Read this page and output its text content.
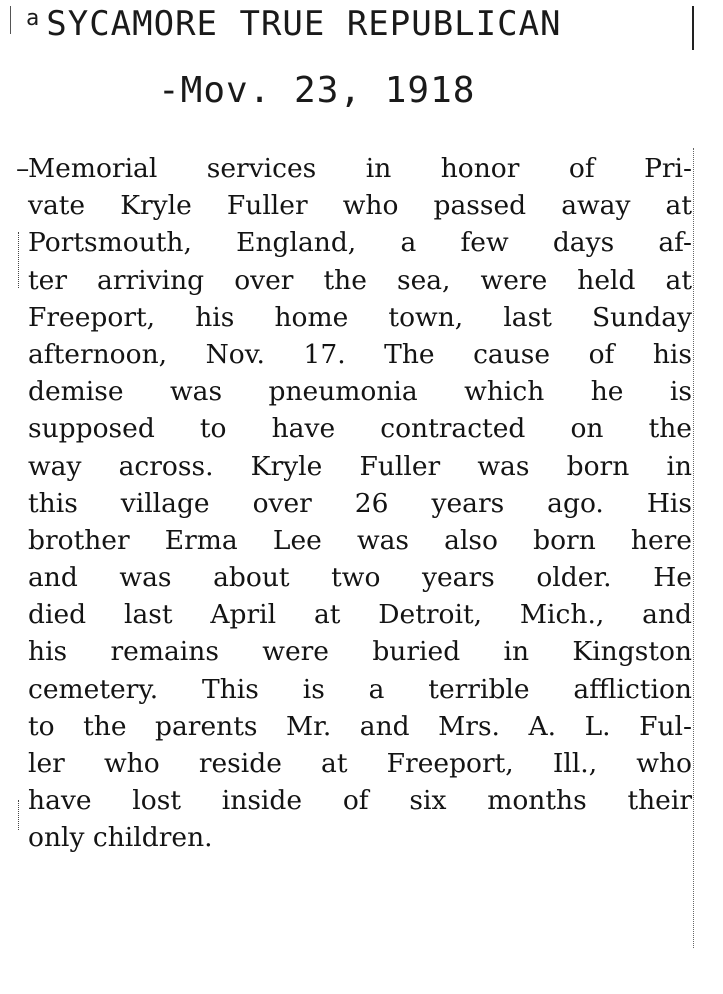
$^a$ SYCAMORE TRUE REPUBLICAN
-Mov. 23, 1918
–
Memorial services in honor of Pri-
vate Kryle Fuller who passed away at
Portsmouth, England, a few days af-
ter arriving over the sea, were held at
Freeport, his home town, last Sunday
afternoon, Nov. 17. The cause of his
demise was pneumonia which he is
supposed to have contracted on the
way across. Kryle Fuller was born in
this village over 26 years ago. His
brother Erma Lee was also born here
and was about two years older. He
died last April at Detroit, Mich., and
his remains were buried in Kingston
cemetery. This is a terrible affliction
to the parents Mr. and Mrs. A. L. Ful-
ler who reside at Freeport, Ill., who
have lost inside of six months their
only children.
